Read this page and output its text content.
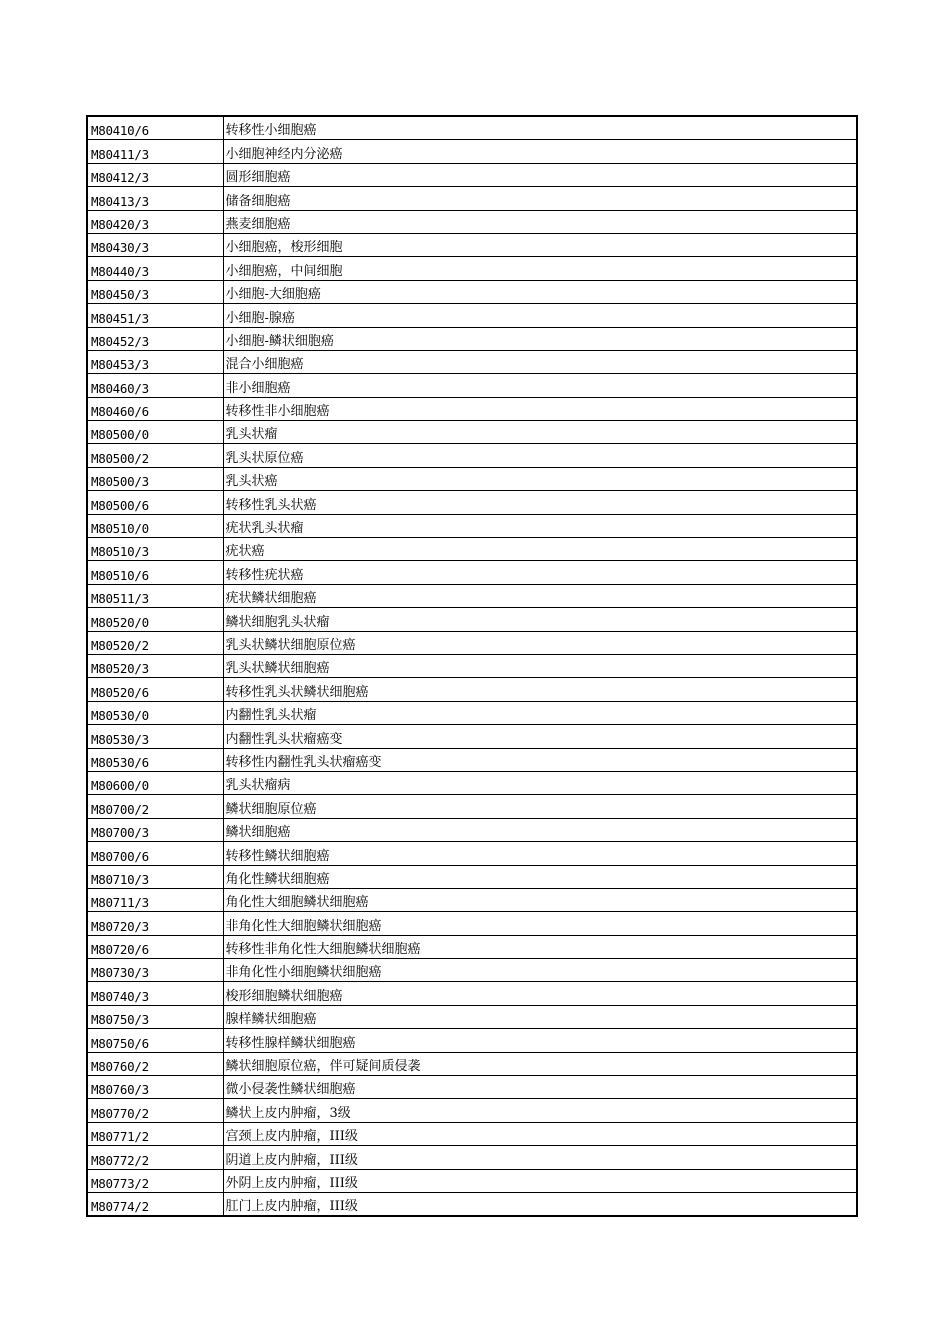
M80410/6	转移性小细胞癌
M80411/3	小细胞神经内分泌癌
M80412/3	圆形细胞癌
M80413/3	储备细胞癌
M80420/3	燕麦细胞癌
M80430/3	小细胞癌，梭形细胞
M80440/3	小细胞癌，中间细胞
M80450/3	小细胞-大细胞癌
M80451/3	小细胞-腺癌
M80452/3	小细胞-鳞状细胞癌
M80453/3	混合小细胞癌
M80460/3	非小细胞癌
M80460/6	转移性非小细胞癌
M80500/0	乳头状瘤
M80500/2	乳头状原位癌
M80500/3	乳头状癌
M80500/6	转移性乳头状癌
M80510/0	疣状乳头状瘤
M80510/3	疣状癌
M80510/6	转移性疣状癌
M80511/3	疣状鳞状细胞癌
M80520/0	鳞状细胞乳头状瘤
M80520/2	乳头状鳞状细胞原位癌
M80520/3	乳头状鳞状细胞癌
M80520/6	转移性乳头状鳞状细胞癌
M80530/0	内翻性乳头状瘤
M80530/3	内翻性乳头状瘤癌变
M80530/6	转移性内翻性乳头状瘤癌变
M80600/0	乳头状瘤病
M80700/2	鳞状细胞原位癌
M80700/3	鳞状细胞癌
M80700/6	转移性鳞状细胞癌
M80710/3	角化性鳞状细胞癌
M80711/3	角化性大细胞鳞状细胞癌
M80720/3	非角化性大细胞鳞状细胞癌
M80720/6	转移性非角化性大细胞鳞状细胞癌
M80730/3	非角化性小细胞鳞状细胞癌
M80740/3	梭形细胞鳞状细胞癌
M80750/3	腺样鳞状细胞癌
M80750/6	转移性腺样鳞状细胞癌
M80760/2	鳞状细胞原位癌，伴可疑间质侵袭
M80760/3	微小侵袭性鳞状细胞癌
M80770/2	鳞状上皮内肿瘤，3级
M80771/2	宫颈上皮内肿瘤，III级
M80772/2	阴道上皮内肿瘤，III级
M80773/2	外阴上皮内肿瘤，III级
M80774/2	肛门上皮内肿瘤，III级
